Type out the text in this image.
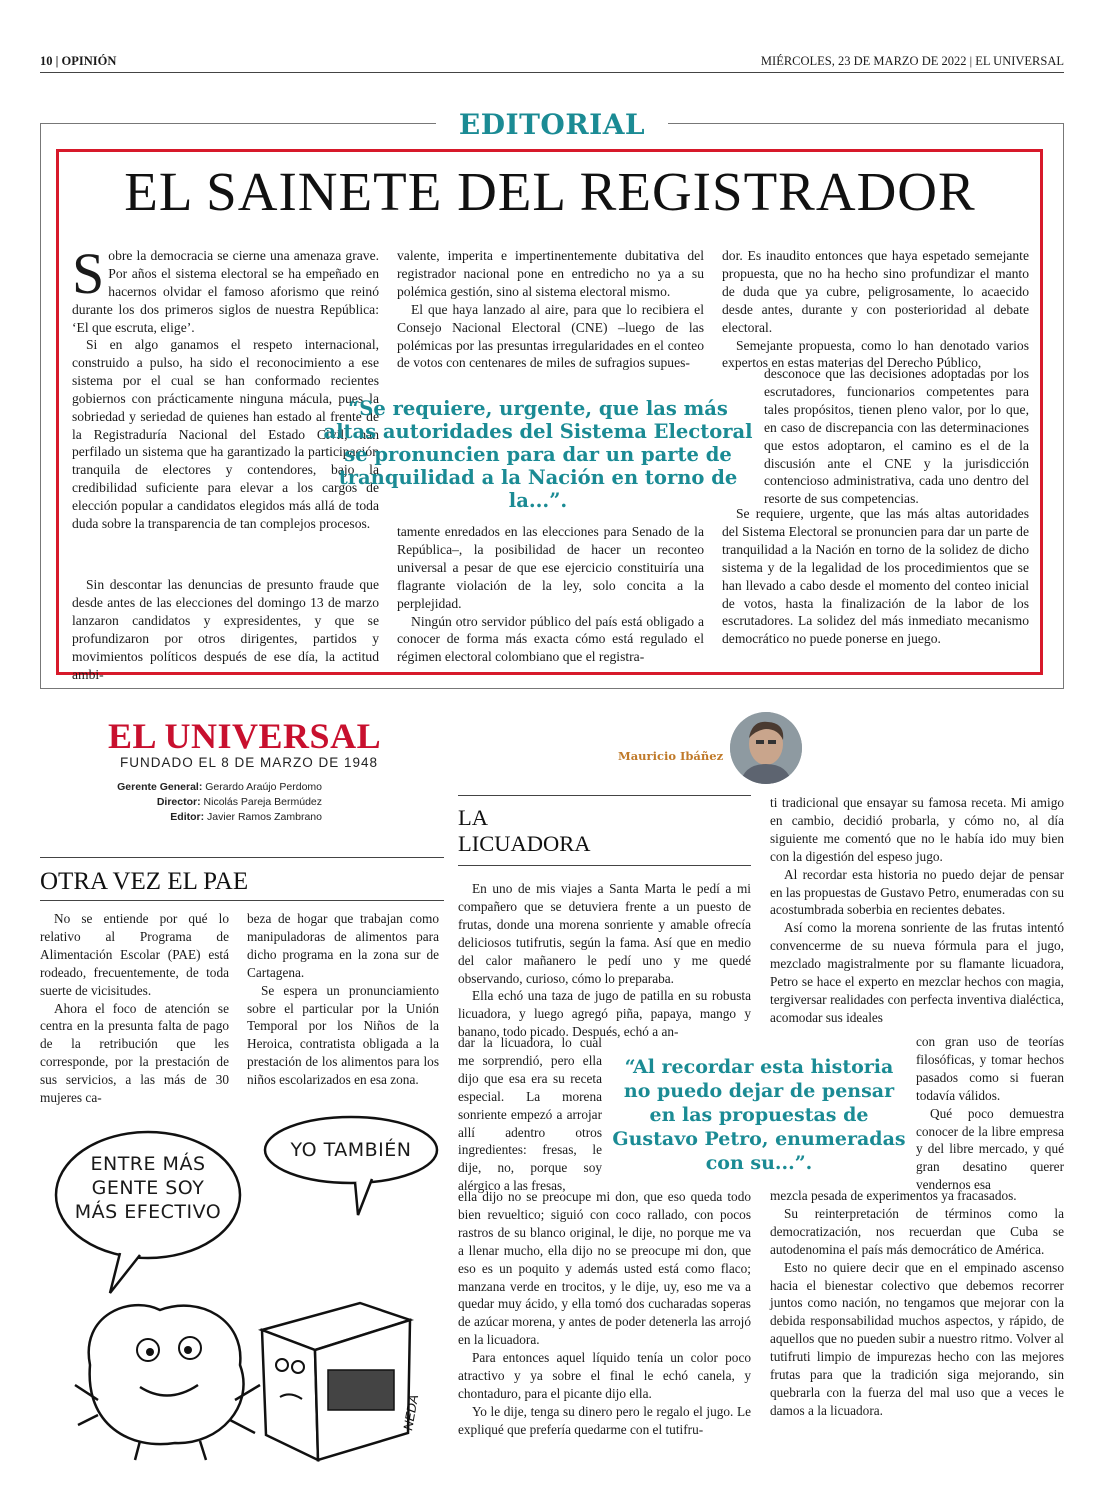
10 | OPINIÓN	MIÉRCOLES, 23 DE MARZO DE 2022 | EL UNIVERSAL
EDITORIAL
EL SAINETE DEL REGISTRADOR

Sobre la democracia se cierne una amenaza grave. Por años el sistema electoral se ha empeñado en hacernos olvidar el famoso aforismo que reinó durante los dos primeros siglos de nuestra República: ‘El que escruta, elige’.

Si en algo ganamos el respeto internacional, construido a pulso, ha sido el reconocimiento a ese sistema por el cual se han conformado recientes gobiernos con prácticamente ninguna mácula, pues la sobriedad y seriedad de quienes han estado al frente de la Registraduría Nacional del Estado Civil, han perfilado un sistema que ha garantizado la participación tranquila de electores y contendores, bajo la credibilidad suficiente para elevar a los cargos de elección popular a candidatos elegidos más allá de toda duda sobre la transparencia de tan complejos procesos.

Sin descontar las denuncias de presunto fraude que desde antes de las elecciones del domingo 13 de marzo lanzaron candidatos y expresidentes, y que se profundizaron por otros dirigentes, partidos y movimientos políticos después de ese día, la actitud ambi-

valente, imperita e impertinentemente dubitativa del registrador nacional pone en entredicho no ya a su polémica gestión, sino al sistema electoral mismo.

El que haya lanzado al aire, para que lo recibiera el Consejo Nacional Electoral (CNE) –luego de las polémicas por las presuntas irregularidades en el conteo de votos con centenares de miles de sufragios supues-

tamente enredados en las elecciones para Senado de la República–, la posibilidad de hacer un reconteo universal a pesar de que ese ejercicio constituiría una flagrante violación de la ley, solo concita a la perplejidad.

Ningún otro servidor público del país está obligado a conocer de forma más exacta cómo está regulado el régimen electoral colombiano que el registra-

dor. Es inaudito entonces que haya espetado semejante propuesta, que no ha hecho sino profundizar el manto de duda que ya cubre, peligrosamente, lo acaecido desde antes, durante y con posterioridad al debate electoral.

Semejante propuesta, como lo han denotado varios expertos en estas materias del Derecho Público,

desconoce que las decisiones adoptadas por los escrutadores, funcionarios competentes para tales propósitos, tienen pleno valor, por lo que, en caso de discrepancia con las determinaciones que estos adoptaron, el camino es el de la discusión ante el CNE y la jurisdicción contencioso administrativa, cada uno dentro del resorte de sus competencias.

Se requiere, urgente, que las más altas autoridades del Sistema Electoral se pronuncien para dar un parte de tranquilidad a la Nación en torno de la solidez de dicho sistema y de la legalidad de los procedimientos que se han llevado a cabo desde el momento del conteo inicial de votos, hasta la finalización de la labor de los escrutadores. La solidez del más inmediato mecanismo democrático no puede ponerse en juego.

“Se requiere, urgente, que las más altas autoridades del Sistema Electoral se pronuncien para dar un parte de tranquilidad a la Nación en torno de la...”.
EL UNIVERSAL
FUNDADO EL 8 DE MARZO DE 1948
Gerente General: Gerardo Araújo Perdomo
Director: Nicolás Pareja Bermúdez
Editor: Javier Ramos Zambrano
OTRA VEZ EL PAE

No se entiende por qué lo relativo al Programa de Alimentación Escolar (PAE) está rodeado, frecuentemente, de toda suerte de vicisitudes.

Ahora el foco de atención se centra en la presunta falta de pago de la retribución que les corresponde, por la prestación de sus servicios, a las más de 30 mujeres ca-

beza de hogar que trabajan como manipuladoras de alimentos para dicho programa en la zona sur de Cartagena.

Se espera un pronunciamiento sobre el particular por la Unión Temporal por los Niños de la Heroica, contratista obligada a la prestación de los alimentos para los niños escolarizados en esa zona.

NEDA
ENTRE MÁS GENTE SOY MÁS EFECTIVO
YO TAMBIÉN
Mauricio Ibáñez
LA
LICUADORA

En uno de mis viajes a Santa Marta le pedí a mi compañero que se detuviera frente a un puesto de frutas, donde una morena sonriente y amable ofrecía deliciosos tutifrutis, según la fama. Así que en medio del calor mañanero le pedí uno y me quedé observando, curioso, cómo lo preparaba.

Ella echó una taza de jugo de patilla en su robusta licuadora, y luego agregó piña, papaya, mango y banano, todo picado. Después, echó a an-

dar la licuadora, lo cual me sorprendió, pero ella dijo que esa era su receta especial. La morena sonriente empezó a arrojar allí adentro otros ingredientes: fresas, le dije, no, porque soy alérgico a las fresas,

ella dijo no se preocupe mi don, que eso queda todo bien revueltico; siguió con coco rallado, con pocos rastros de su blanco original, le dije, no porque me va a llenar mucho, ella dijo no se preocupe mi don, que eso es un poquito y además usted está como flaco; manzana verde en trocitos, y le dije, uy, eso me va a quedar muy ácido, y ella tomó dos cucharadas soperas de azúcar morena, y antes de poder detenerla las arrojó en la licuadora.

Para entonces aquel líquido tenía un color poco atractivo y ya sobre el final le echó canela, y chontaduro, para el picante dijo ella.

Yo le dije, tenga su dinero pero le regalo el jugo. Le expliqué que prefería quedarme con el tutifru-

ti tradicional que ensayar su famosa receta. Mi amigo en cambio, decidió probarla, y cómo no, al día siguiente me comentó que no le había ido muy bien con la digestión del espeso jugo.

Al recordar esta historia no puedo dejar de pensar en las propuestas de Gustavo Petro, enumeradas con su acostumbrada soberbia en recientes debates.

Así como la morena sonriente de las frutas intentó convencerme de su nueva fórmula para el jugo, mezclado magistralmente por su flamante licuadora, Petro se hace el experto en mezclar hechos con magia, tergiversar realidades con perfecta inventiva dialéctica, acomodar sus ideales

con gran uso de teorías filosóficas, y tomar hechos pasados como si fueran todavía válidos.

Qué poco demuestra conocer de la libre empresa y del libre mercado, y qué gran desatino querer vendernos esa

mezcla pesada de experimentos ya fracasados.

Su reinterpretación de términos como la democratización, nos recuerdan que Cuba se autodenomina el país más democrático de América.

Esto no quiere decir que en el empinado ascenso hacia el bienestar colectivo que debemos recorrer juntos como nación, no tengamos que mejorar con la debida responsabilidad muchos aspectos, y rápido, de aquellos que no pueden subir a nuestro ritmo. Volver al tutifruti limpio de impurezas hecho con las mejores frutas para que la tradición siga mejorando, sin quebrarla con la fuerza del mal uso que a veces le damos a la licuadora.

“Al recordar esta historia no puedo dejar de pensar en las propuestas de Gustavo Petro, enumeradas con su...”.
